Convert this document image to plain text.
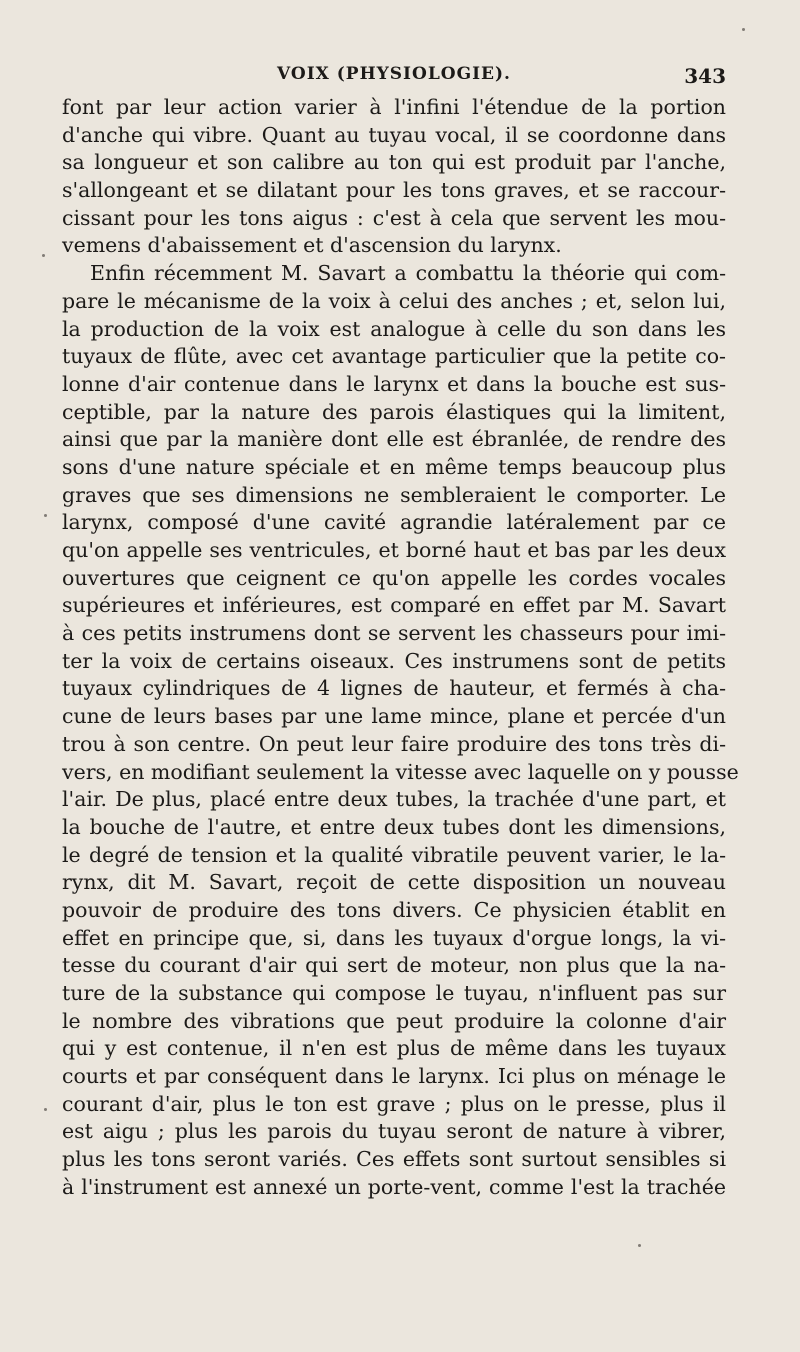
VOIX (PHYSIOLOGIE).	343
font par leur action varier à l'infini l'étendue de la portion
d'anche qui vibre. Quant au tuyau vocal, il se coordonne dans
sa longueur et son calibre au ton qui est produit par l'anche,
s'allongeant et se dilatant pour les tons graves, et se raccour-
cissant pour les tons aigus : c'est à cela que servent les mou-
vemens d'abaissement et d'ascension du larynx.
Enfin récemment M. Savart a combattu la théorie qui com-
pare le mécanisme de la voix à celui des anches ; et, selon lui,
la production de la voix est analogue à celle du son dans les
tuyaux de flûte, avec cet avantage particulier que la petite co-
lonne d'air contenue dans le larynx et dans la bouche est sus-
ceptible, par la nature des parois élastiques qui la limitent,
ainsi que par la manière dont elle est ébranlée, de rendre des
sons d'une nature spéciale et en même temps beaucoup plus
graves que ses dimensions ne sembleraient le comporter. Le
larynx, composé d'une cavité agrandie latéralement par ce
qu'on appelle ses ventricules, et borné haut et bas par les deux
ouvertures que ceignent ce qu'on appelle les cordes vocales
supérieures et inférieures, est comparé en effet par M. Savart
à ces petits instrumens dont se servent les chasseurs pour imi-
ter la voix de certains oiseaux. Ces instrumens sont de petits
tuyaux cylindriques de 4 lignes de hauteur, et fermés à cha-
cune de leurs bases par une lame mince, plane et percée d'un
trou à son centre. On peut leur faire produire des tons très di-
vers, en modifiant seulement la vitesse avec laquelle on y pousse
l'air. De plus, placé entre deux tubes, la trachée d'une part, et
la bouche de l'autre, et entre deux tubes dont les dimensions,
le degré de tension et la qualité vibratile peuvent varier, le la-
rynx, dit M. Savart, reçoit de cette disposition un nouveau
pouvoir de produire des tons divers. Ce physicien établit en
effet en principe que, si, dans les tuyaux d'orgue longs, la vi-
tesse du courant d'air qui sert de moteur, non plus que la na-
ture de la substance qui compose le tuyau, n'influent pas sur
le nombre des vibrations que peut produire la colonne d'air
qui y est contenue, il n'en est plus de même dans les tuyaux
courts et par conséquent dans le larynx. Ici plus on ménage le
courant d'air, plus le ton est grave ; plus on le presse, plus il
est aigu ; plus les parois du tuyau seront de nature à vibrer,
plus les tons seront variés. Ces effets sont surtout sensibles si
à l'instrument est annexé un porte-vent, comme l'est la trachée
